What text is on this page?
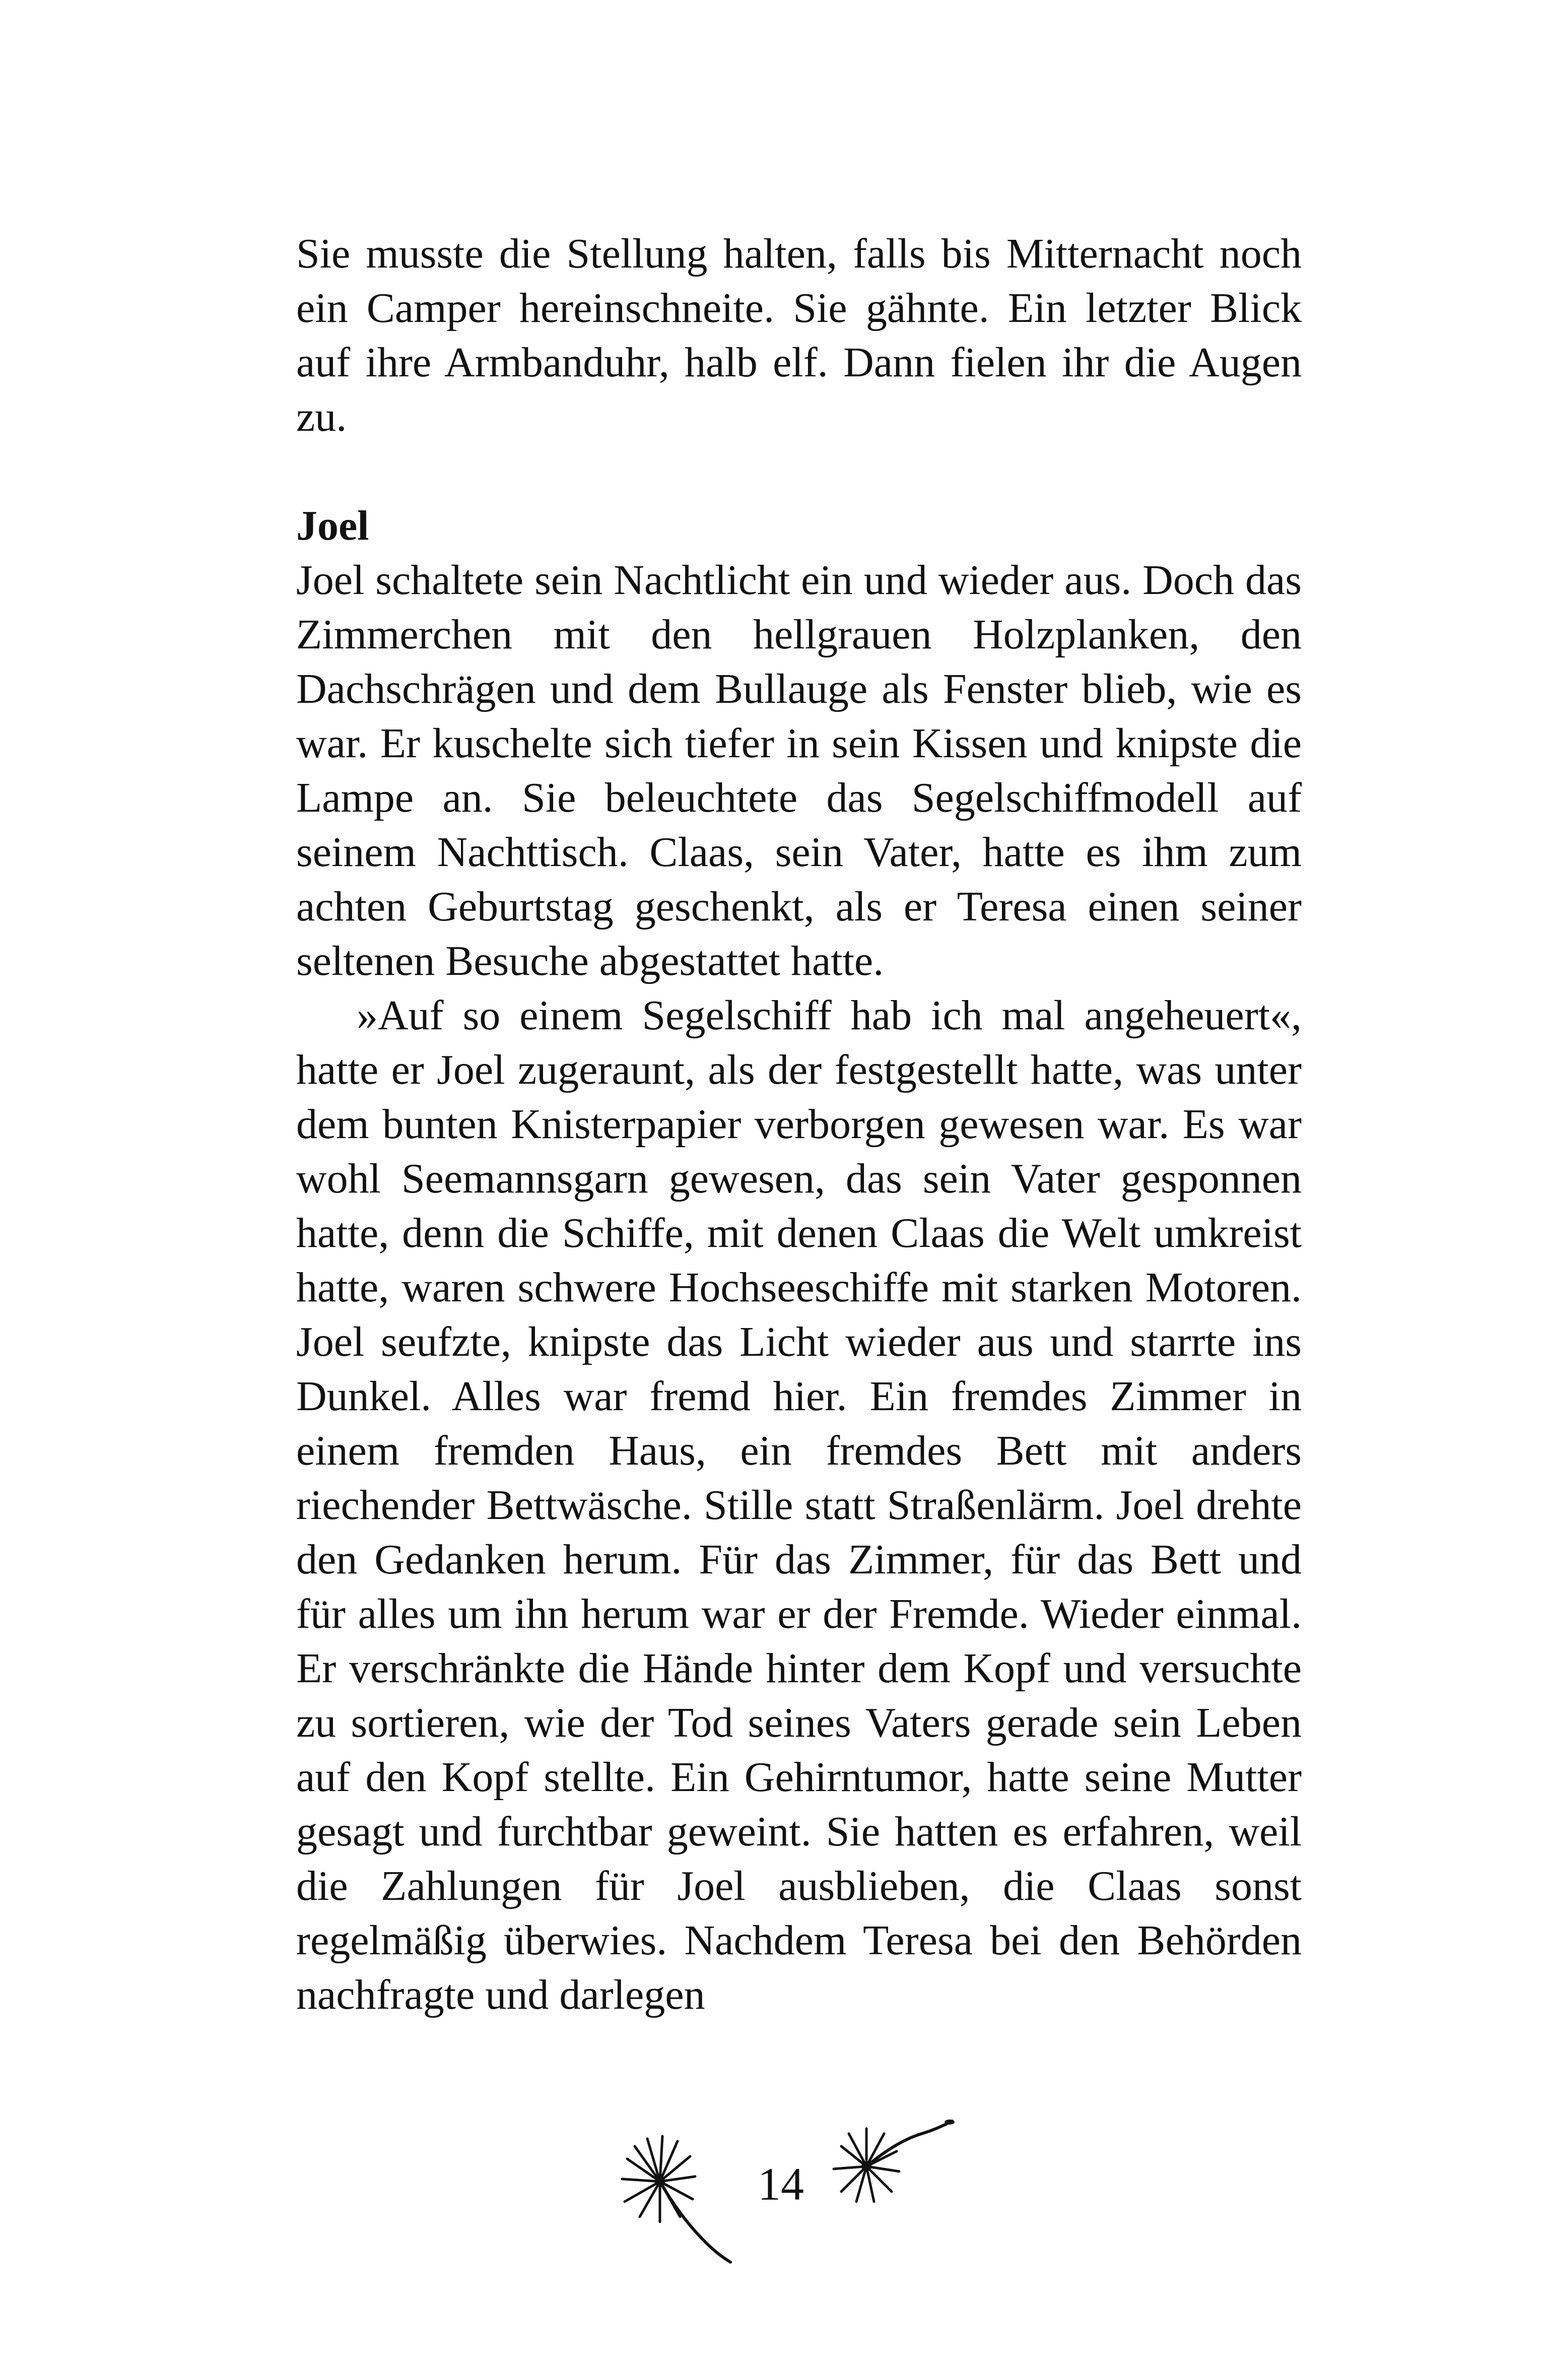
Sie musste die Stellung halten, falls bis Mitternacht noch ein Camper hereinschneite. Sie gähnte. Ein letzter Blick auf ihre Armbanduhr, halb elf. Dann fielen ihr die Augen zu.

Joel

Joel schaltete sein Nachtlicht ein und wieder aus. Doch das Zimmerchen mit den hellgrauen Holzplanken, den Dachschrägen und dem Bullauge als Fenster blieb, wie es war. Er kuschelte sich tiefer in sein Kissen und knipste die Lampe an. Sie beleuchtete das Segelschiffmodell auf seinem Nachttisch. Claas, sein Vater, hatte es ihm zum achten Geburtstag geschenkt, als er Teresa einen seiner seltenen Besuche abgestattet hatte.

»Auf so einem Segelschiff hab ich mal angeheuert«, hatte er Joel zugeraunt, als der festgestellt hatte, was unter dem bunten Knisterpapier verborgen gewesen war. Es war wohl Seemannsgarn gewesen, das sein Vater gesponnen hatte, denn die Schiffe, mit denen Claas die Welt umkreist hatte, waren schwere Hochseeschiffe mit starken Motoren. Joel seufzte, knipste das Licht wieder aus und starrte ins Dunkel. Alles war fremd hier. Ein fremdes Zimmer in einem fremden Haus, ein fremdes Bett mit anders riechender Bettwäsche. Stille statt Straßenlärm. Joel drehte den Gedanken herum. Für das Zimmer, für das Bett und für alles um ihn herum war er der Fremde. Wieder einmal. Er verschränkte die Hände hinter dem Kopf und versuchte zu sortieren, wie der Tod seines Vaters gerade sein Leben auf den Kopf stellte. Ein Gehirntumor, hatte seine Mutter gesagt und furchtbar geweint. Sie hatten es erfahren, weil die Zahlungen für Joel ausblieben, die Claas sonst regelmäßig überwies. Nachdem Teresa bei den Behörden nachfragte und darlegen

14
